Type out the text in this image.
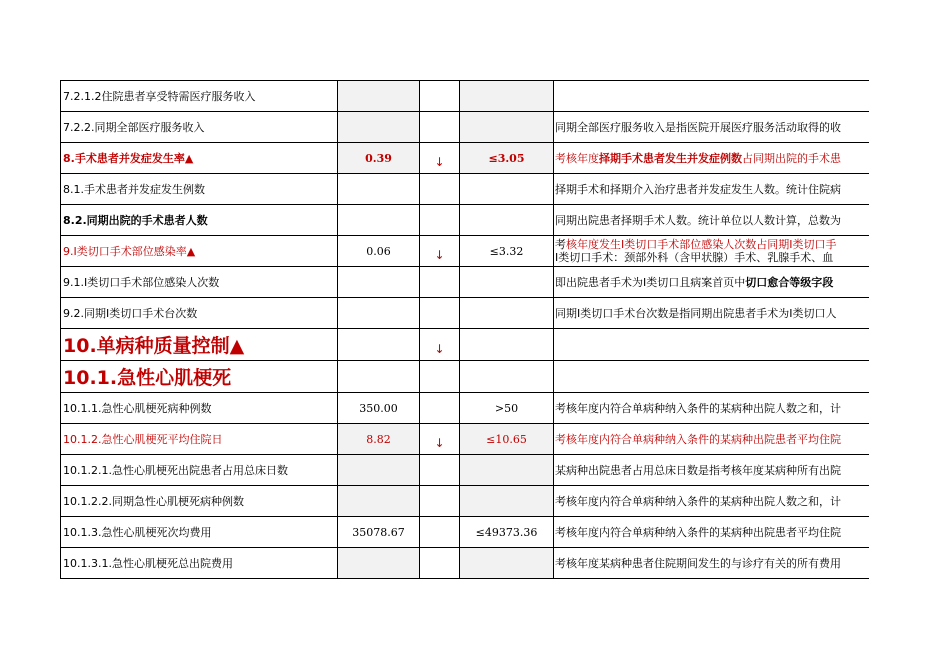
7.2.1.2住院患者享受特需医疗服务收入				
7.2.2.同期全部医疗服务收入				同期全部医疗服务收入是指医院开展医疗服务活动取得的收
8.手术患者并发症发生率▲	0.39	↓	≤3.05	考核年度择期手术患者发生并发症例数占同期出院的手术患
8.1.手术患者并发症发生例数				择期手术和择期介入治疗患者并发症发生人数。统计住院病
8.2.同期出院的手术患者人数				同期出院患者择期手术人数。统计单位以人数计算，总数为
9.I类切口手术部位感染率▲	0.06	↓	≤3.32	考核年度发生I类切口手术部位感染人次数占同期I类切口手
I类切口手术：颈部外科（含甲状腺）手术、乳腺手术、血

9.1.I类切口手术部位感染人次数				即出院患者手术为I类切口且病案首页中切口愈合等级字段
9.2.同期I类切口手术台次数				同期I类切口手术台次数是指同期出院患者手术为I类切口人
10.单病种质量控制▲		↓		
10.1.急性心肌梗死				
10.1.1.急性心肌梗死病种例数	350.00		>50	考核年度内符合单病种纳入条件的某病种出院人数之和，计
10.1.2.急性心肌梗死平均住院日	8.82	↓	≤10.65	考核年度内符合单病种纳入条件的某病种出院患者平均住院
10.1.2.1.急性心肌梗死出院患者占用总床日数				某病种出院患者占用总床日数是指考核年度某病种所有出院
10.1.2.2.同期急性心肌梗死病种例数				考核年度内符合单病种纳入条件的某病种出院人数之和，计
10.1.3.急性心肌梗死次均费用	35078.67		≤49373.36	考核年度内符合单病种纳入条件的某病种出院患者平均住院
10.1.3.1.急性心肌梗死总出院费用				考核年度某病种患者住院期间发生的与诊疗有关的所有费用
